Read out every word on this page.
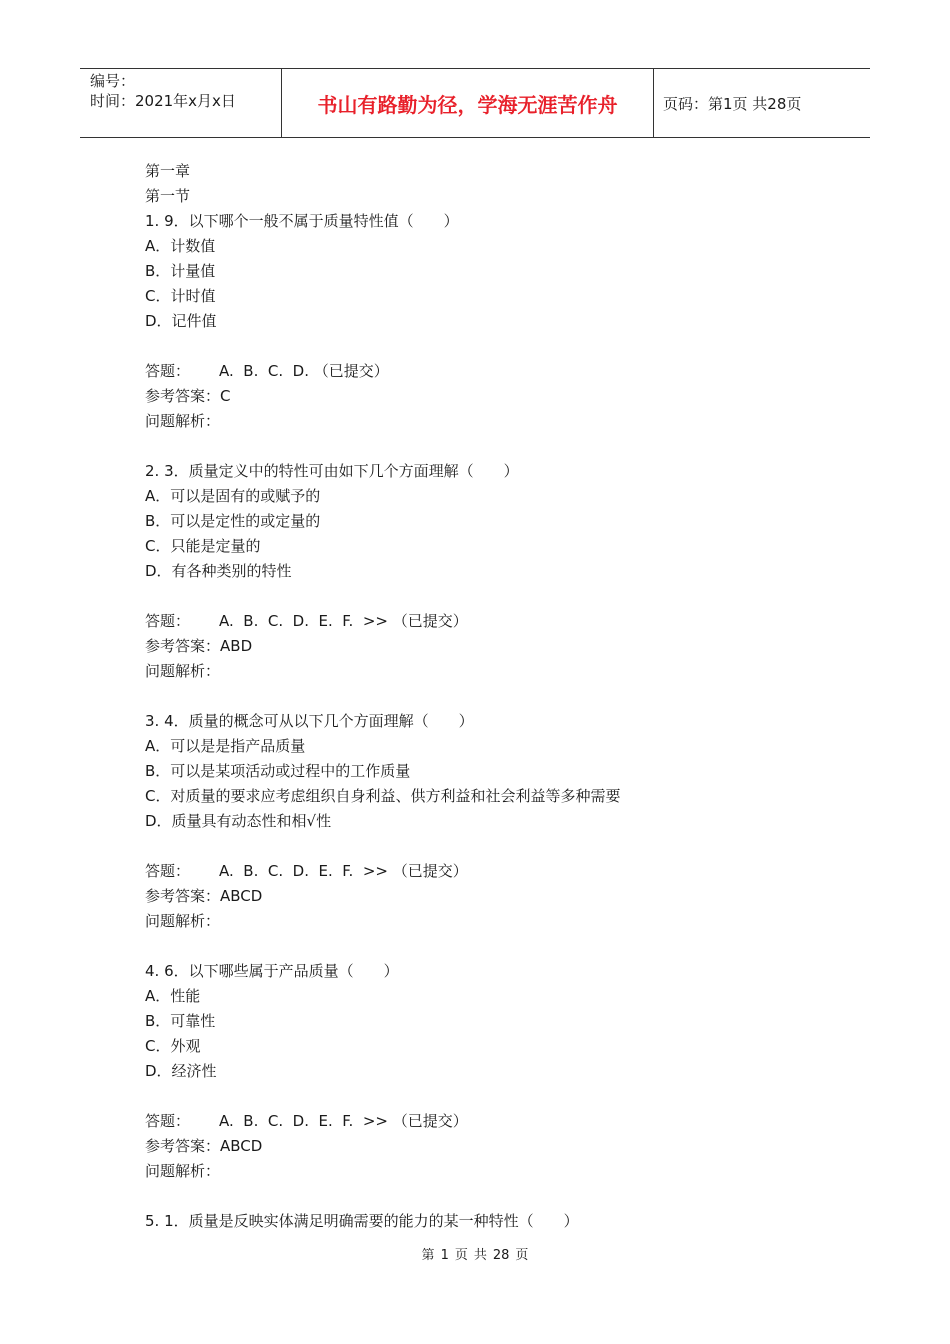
编号：
时间：2021年x月x日	书山有路勤为径，学海无涯苦作舟	页码：第1页 共28页
第一章
第一节
1. 9．以下哪个一般不属于质量特性值（　　）
A．计数值
B．计量值
C．计时值
D．记件值
答题： A.  B.  C.  D. （已提交）
参考答案：C
问题解析：
2. 3．质量定义中的特性可由如下几个方面理解（　　）
A．可以是固有的或赋予的
B．可以是定性的或定量的
C．只能是定量的
D．有各种类别的特性
答题： A.  B.  C.  D.  E.  F.  >> （已提交）
参考答案：ABD
问题解析：
3. 4．质量的概念可从以下几个方面理解（　　）
A．可以是是指产品质量
B．可以是某项活动或过程中的工作质量
C．对质量的要求应考虑组织自身利益、供方利益和社会利益等多种需要
D．质量具有动态性和相√性
答题： A.  B.  C.  D.  E.  F.  >> （已提交）
参考答案：ABCD
问题解析：
4. 6．以下哪些属于产品质量（　　）
A．性能
B．可靠性
C．外观
D．经济性
答题： A.  B.  C.  D.  E.  F.  >> （已提交）
参考答案：ABCD
问题解析：
5. 1．质量是反映实体满足明确需要的能力的某一种特性（　　）
第 1 页 共 28 页
